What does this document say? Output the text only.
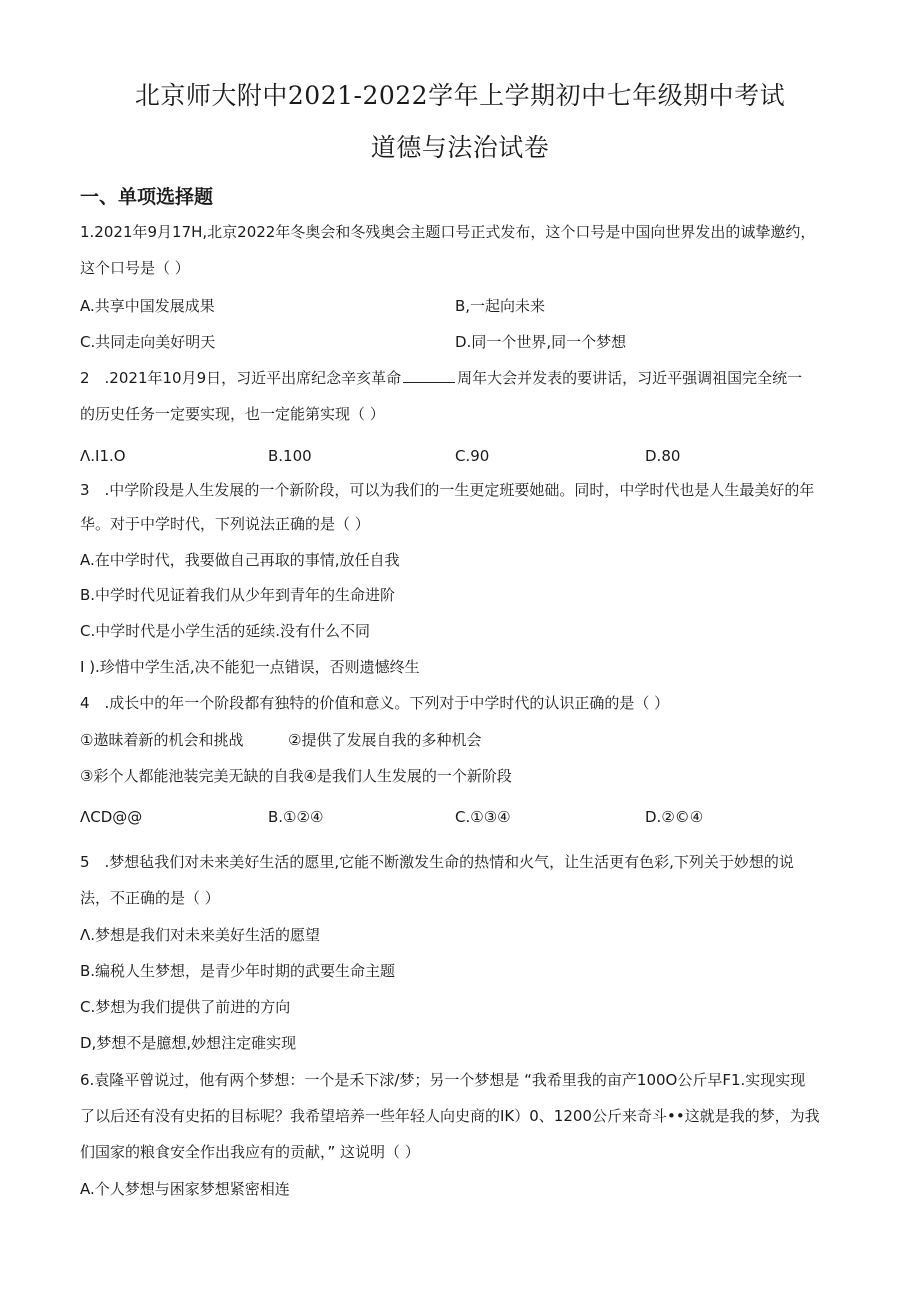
北京师大附中2021-2022学年上学期初中七年级期中考试
道德与法治试卷
一、单项选择题
1.2021年9月17H,北京2022年冬奥会和冬残奥会主题口号正式发布，这个口号是中国向世界发出的诚挚邀约，
这个口号是（ ）
A.共享中国发展成果	B,一起向未来
C.共同走向美好明天	D.同一个世界,同一个梦想
2　.2021年10月9日，习近平出席纪念辛亥革命	周年大会并发表的要讲话，习近平强调祖国完全统一
的历史任务一定要实现，也一定能第实现（ ）
Λ.I1.O	B.100	C.90	D.80
3　.中学阶段是人生发展的一个新阶段，可以为我们的一生更定班要她础。同时，中学时代也是人生最美好的年
华。对于中学时代，下列说法正确的是（ ）
A.在中学时代，我要做自己再取的事情,放任自我
B.中学时代见证着我们从少年到青年的生命进阶
C.中学时代是小学生活的延续.没有什么不同
I ).珍惜中学生活,决不能犯一点错误，否则遗憾终生
4　.成长中的年一个阶段都有独特的价值和意义。下列对于中学时代的认识正确的是（ ）
①遨昧着新的机会和挑战	②提供了发展自我的多种机会
③彩个人都能池装完美无缺的自我④是我们人生发展的一个新阶段
ΛCD@@	B.①②④	C.①③④	D.②©④
5　.梦想毡我们对未来美好生活的愿里,它能不断激发生命的热情和火气，让生活更有色彩,下列关于妙想的说
法，不正确的是（ ）
Λ.梦想是我们对未来美好生活的愿望
B.编税人生梦想，是青少年时期的武要生命主题
C.梦想为我们提供了前进的方向
D,梦想不是臆想,妙想注定碓实现
6.袁隆平曾说过，他有两个梦想：一个是禾下浗/梦；另一个梦想是 “我希里我的亩产100O公斤早F1.实现实现
了以后还有没有史拓的目标呢？我希望培养一些年轻人向史商的IK）0、1200公斤来奇斗••这就是我的梦，为我
们国家的粮食安全作出我应有的贡献，” 这说明（ ）
A.个人梦想与困家梦想紧密相连
